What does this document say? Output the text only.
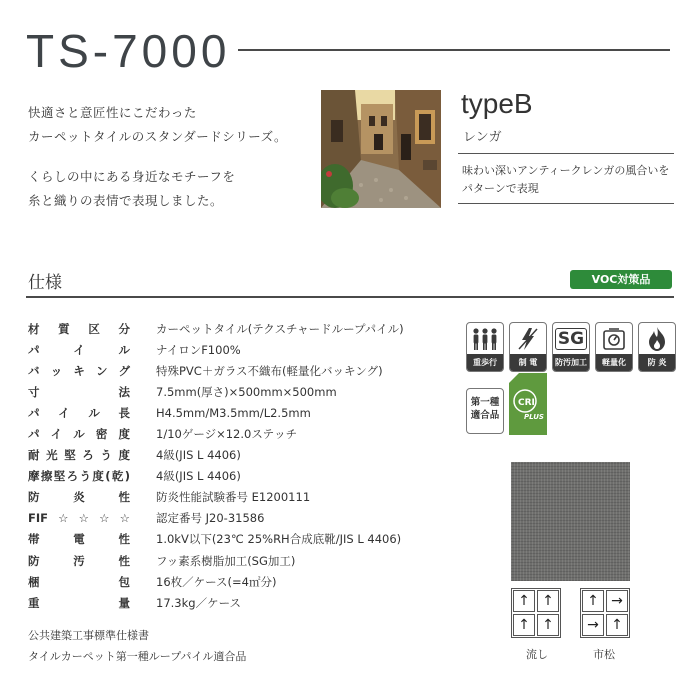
TS-7000
快適さと意匠性にこだわった
カーペットタイルのスタンダードシリーズ。
くらしの中にある身近なモチーフを
糸と織りの表情で表現しました。
typeB
レンガ
味わい深いアンティークレンガの風合いをパターンで表現
仕様	VOC対策品
材質区分 カーペットタイル(テクスチャードループパイル)
パイル ナイロンF100%
バッキング 特殊PVC＋ガラス不織布(軽量化バッキング)
寸法 7.5mm(厚さ)×500mm×500mm
パイル長 H4.5mm/M3.5mm/L2.5mm
パイル密度 1/10ゲージ×12.0ステッチ
耐光堅ろう度 4級(JIS L 4406)
摩擦堅ろう度(乾) 4級(JIS L 4406)
防炎性 防炎性能試験番号 E1200111
FIF☆☆☆☆ 認定番号 J20-31586
帯電性 1.0kV以下(23℃ 25%RH合成底靴/JIS L 4406)
防汚性 フッ素系樹脂加工(SG加工)
梱包 16枚／ケース(=4㎡分)
重量 17.3kg／ケース
公共建築工事標準仕様書
タイルカーペット第一種ループパイル適合品
重歩行	制 電
SG
防汚加工	軽量化	防 炎
第一種
適合品
CRI
PLUS
↑ ↑
↑ ↑
流し
↑ →
→ ↑
市松
